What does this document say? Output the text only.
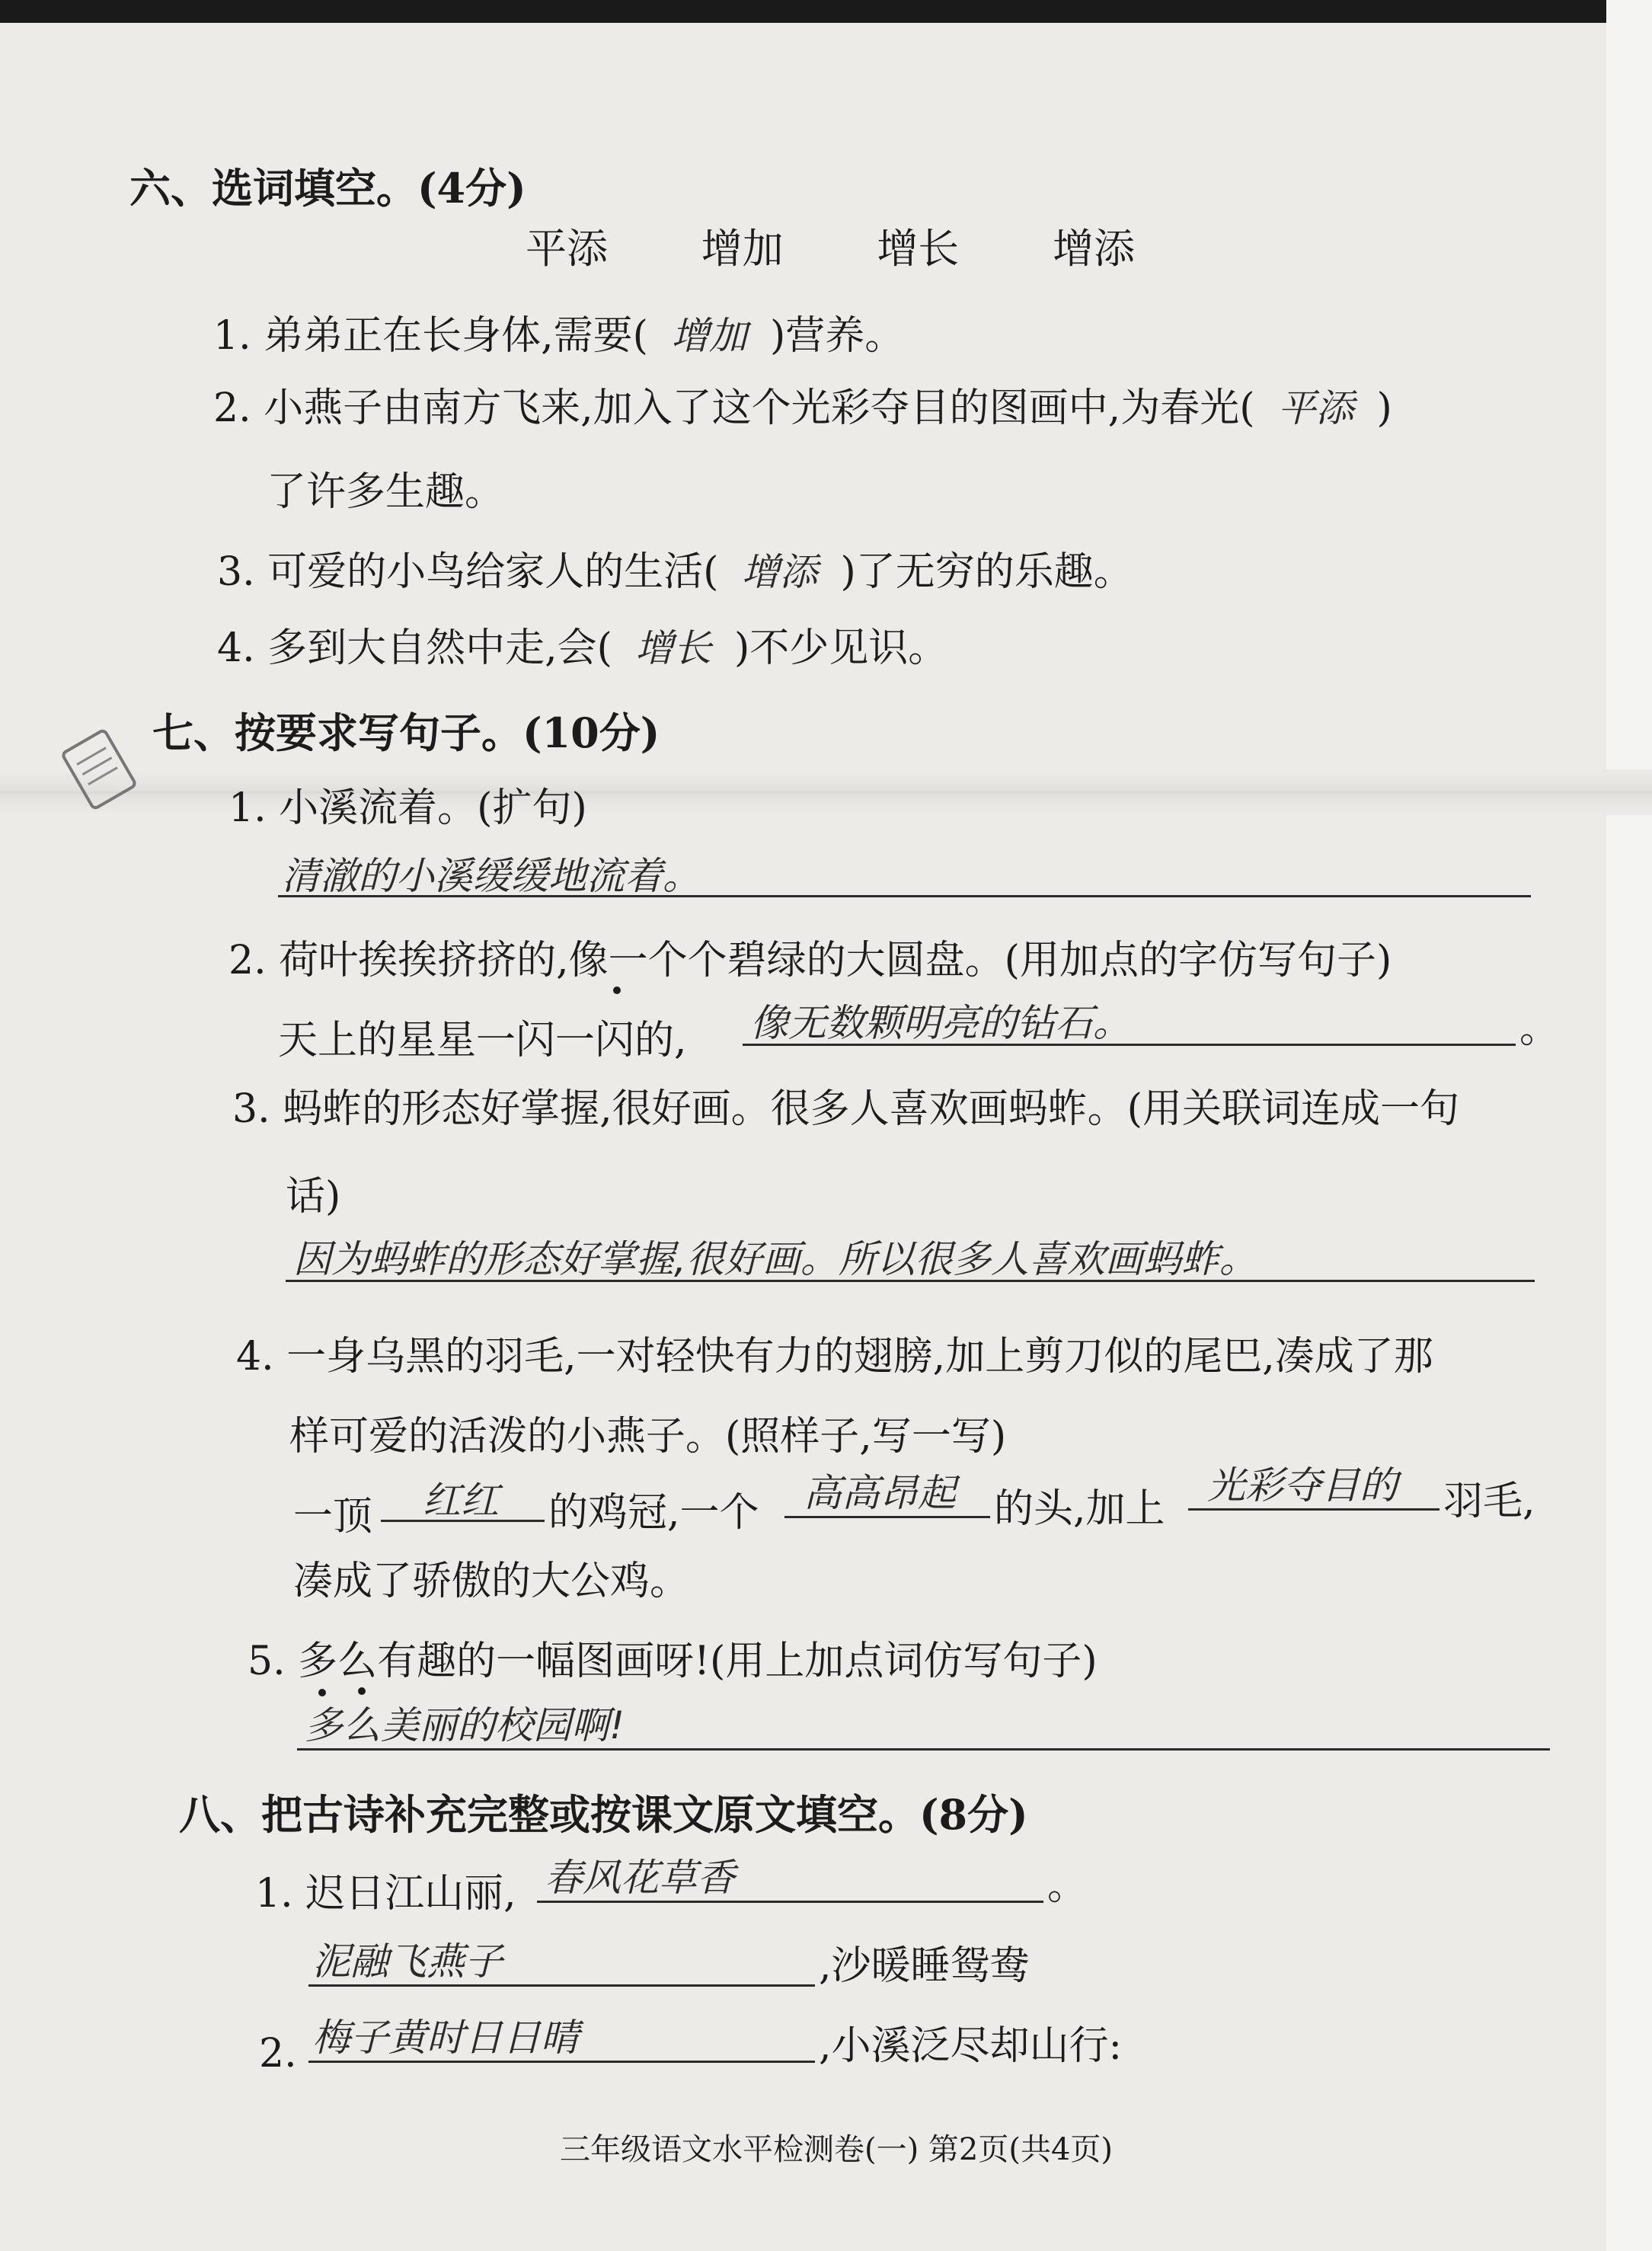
六、选词填空。(4分)
平添 增加 增长 增添
1. 弟弟正在长身体,需要( 增加 )营养。
2. 小燕子由南方飞来,加入了这个光彩夺目的图画中,为春光( 平添 )
了许多生趣。
3. 可爱的小鸟给家人的生活( 增添 )了无穷的乐趣。
4. 多到大自然中走,会( 增长 )不少见识。
七、按要求写句子。(10分)
1. 小溪流着。(扩句)
清澈的小溪缓缓地流着。
2. 荷叶挨挨挤挤的,像一个个碧绿的大圆盘。(用加点的字仿写句子)
天上的星星一闪一闪的, 像无数颗明亮的钻石。	。
3. 蚂蚱的形态好掌握,很好画。很多人喜欢画蚂蚱。(用关联词连成一句
话)
因为蚂蚱的形态好掌握,很好画。所以很多人喜欢画蚂蚱。
4. 一身乌黑的羽毛,一对轻快有力的翅膀,加上剪刀似的尾巴,凑成了那
样可爱的活泼的小燕子。(照样子,写一写)
一顶 红红 的鸡冠,一个 高高昂起 的头,加上
光彩夺目的 羽毛,
凑成了骄傲的大公鸡。
5. 多么有趣的一幅图画呀!(用上加点词仿写句子)
多么美丽的校园啊!
八、把古诗补充完整或按课文原文填空。(8分)
1. 迟日江山丽, 春风花草香	。
泥融飞燕子	,沙暖睡鸳鸯
2. 梅子黄时日日晴	,小溪泛尽却山行:
三年级语文水平检测卷(一) 第2页(共4页)
